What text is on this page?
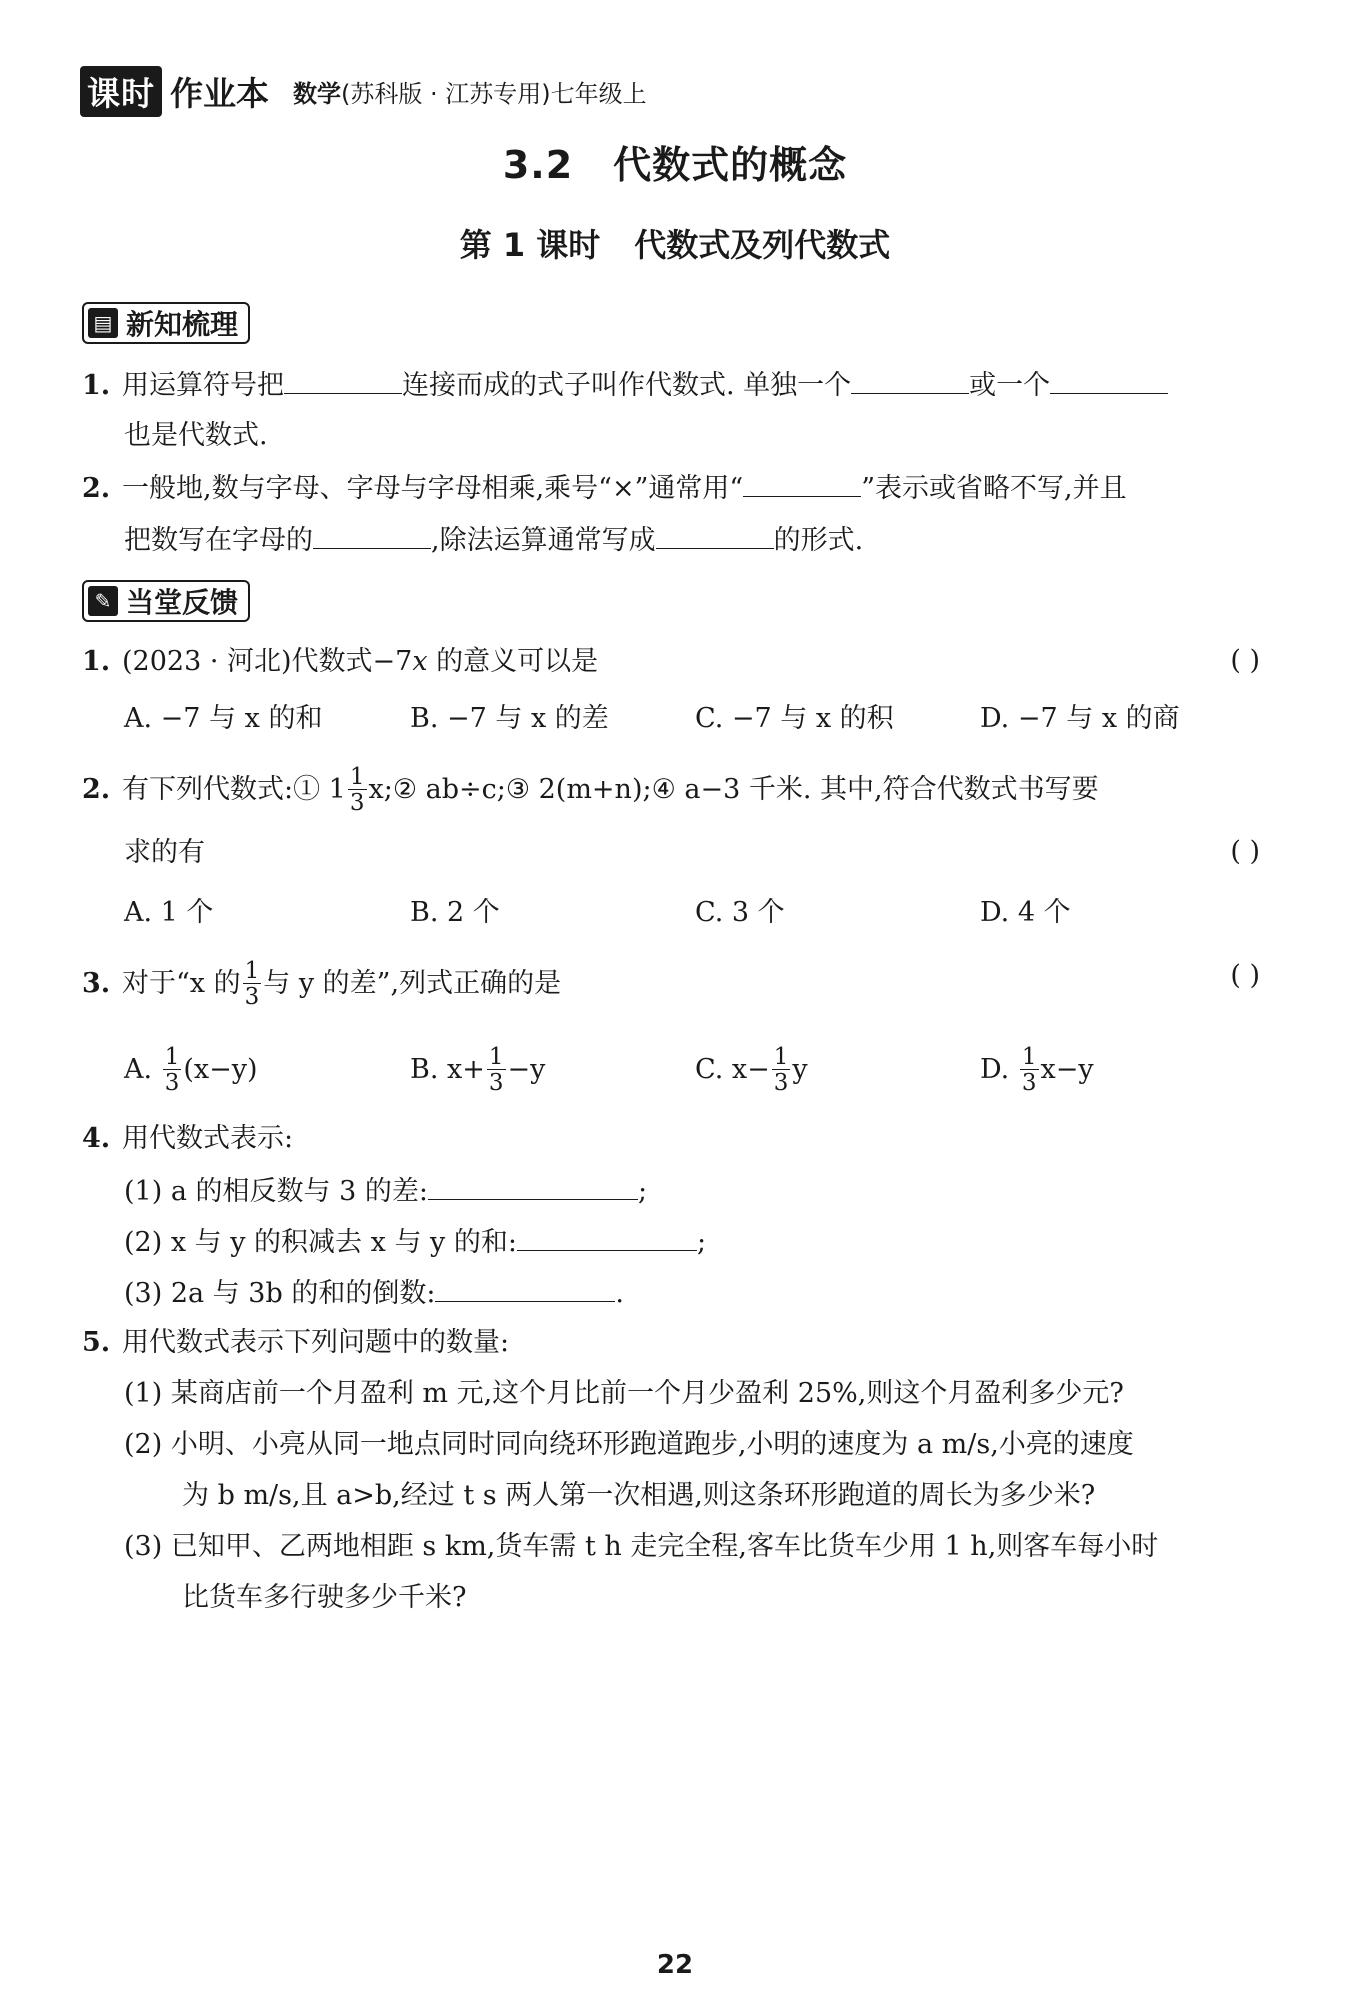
课时 作业本 数学(苏科版 · 江苏专用)七年级上
3.2 代数式的概念
第 1 课时 代数式及列代数式
▤ 新知梳理
1. 用运算符号把	连接而成的式子叫作代数式. 单独一个	或一个
也是代数式.
2. 一般地,数与字母、字母与字母相乘,乘号“×”通常用“	”表示或省略不写,并且
把数写在字母的	,除法运算通常写成	的形式.
✎ 当堂反馈
1. (2023 · 河北)代数式−7x 的意义可以是	( )
A. −7 与 x 的和	B. −7 与 x 的差	C. −7 与 x 的积	D. −7 与 x 的商
2. 有下列代数式:① $1 \frac{1}{3}$ x;② ab÷c;③ 2(m+n);④ a−3 千米. 其中,符合代数式书写要
求的有	( )
A. 1 个	B. 2 个	C. 3 个	D. 4 个
3. 对于“x 的 $\frac{1}{3}$ 与 y 的差”,列式正确的是	( )
A. $\frac{1}{3} (x-y)$	B. $x+ \frac{1}{3} -y$	C. $x- \frac{1}{3}$ y	D. $\frac{1}{3} x-y$
4. 用代数式表示:
(1) a 的相反数与 3 的差:	;
(2) x 与 y 的积减去 x 与 y 的和:	;
(3) 2a 与 3b 的和的倒数:	.
5. 用代数式表示下列问题中的数量:
(1) 某商店前一个月盈利 m 元,这个月比前一个月少盈利 25%,则这个月盈利多少元?
(2) 小明、小亮从同一地点同时同向绕环形跑道跑步,小明的速度为 a m/s,小亮的速度
为 b m/s,且 a>b,经过 t s 两人第一次相遇,则这条环形跑道的周长为多少米?
(3) 已知甲、乙两地相距 s km,货车需 t h 走完全程,客车比货车少用 1 h,则客车每小时
比货车多行驶多少千米?
22
